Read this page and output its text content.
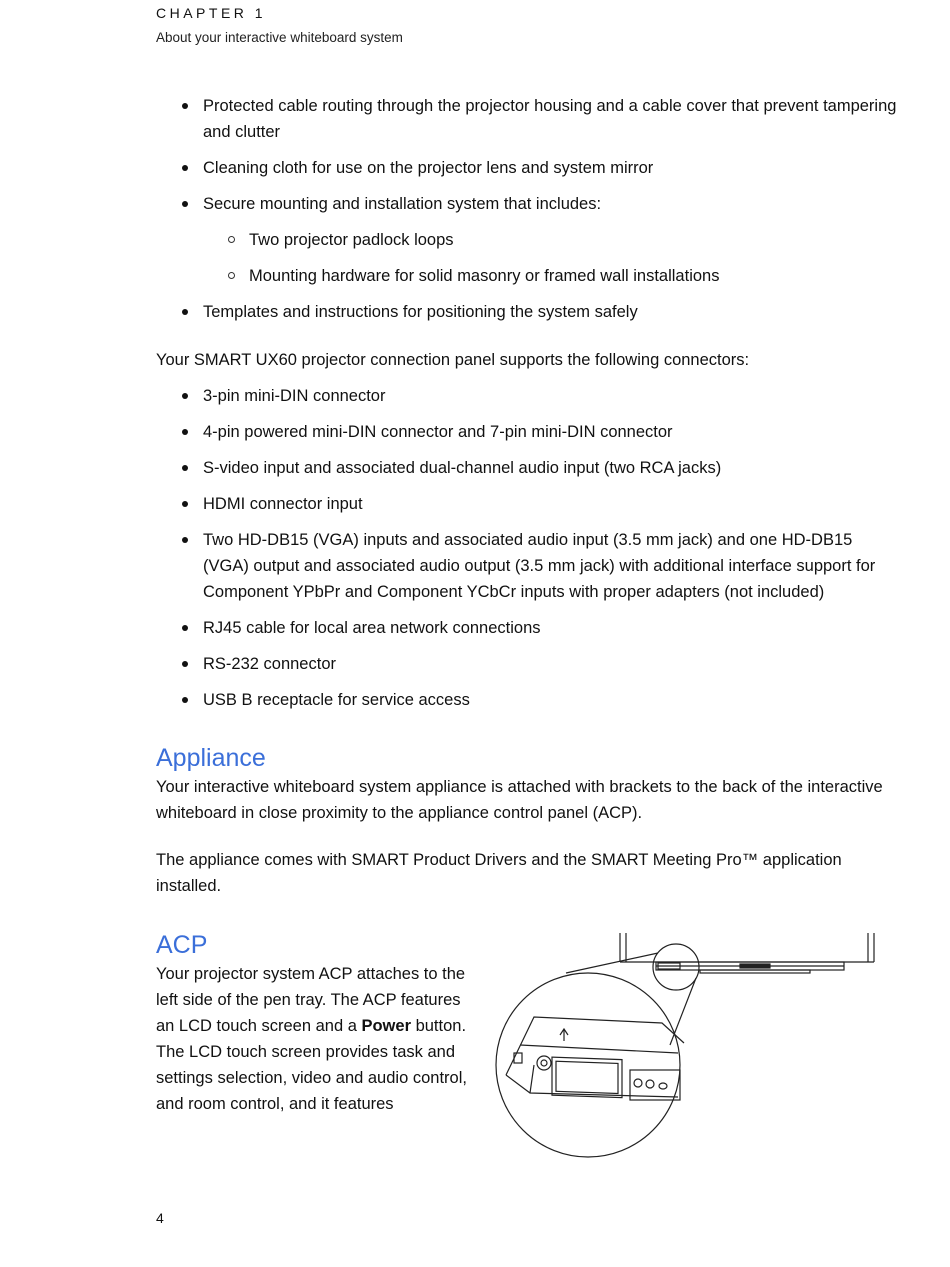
CHAPTER 1
About your interactive whiteboard system
Protected cable routing through the projector housing and a cable cover that prevent tampering and clutter
Cleaning cloth for use on the projector lens and system mirror
Secure mounting and installation system that includes:
Two projector padlock loops
Mounting hardware for solid masonry or framed wall installations
Templates and instructions for positioning the system safely
Your SMART UX60 projector connection panel supports the following connectors:
3-pin mini-DIN connector
4-pin powered mini-DIN connector and 7-pin mini-DIN connector
S-video input and associated dual-channel audio input (two RCA jacks)
HDMI connector input
Two HD-DB15 (VGA) inputs and associated audio input (3.5 mm jack) and one HD-DB15 (VGA) output and associated audio output (3.5 mm jack) with additional interface support for Component YPbPr and Component YCbCr inputs with proper adapters (not included)
RJ45 cable for local area network connections
RS-232 connector
USB B receptacle for service access
Appliance
Your interactive whiteboard system appliance is attached with brackets to the back of the interactive whiteboard in close proximity to the appliance control panel (ACP).
The appliance comes with SMART Product Drivers and the SMART Meeting Pro™ application installed.
ACP
Your projector system ACP attaches to the left side of the pen tray. The ACP features an LCD touch screen and a Power button. The LCD touch screen provides task and settings selection, video and audio control, and room control, and it features
4
